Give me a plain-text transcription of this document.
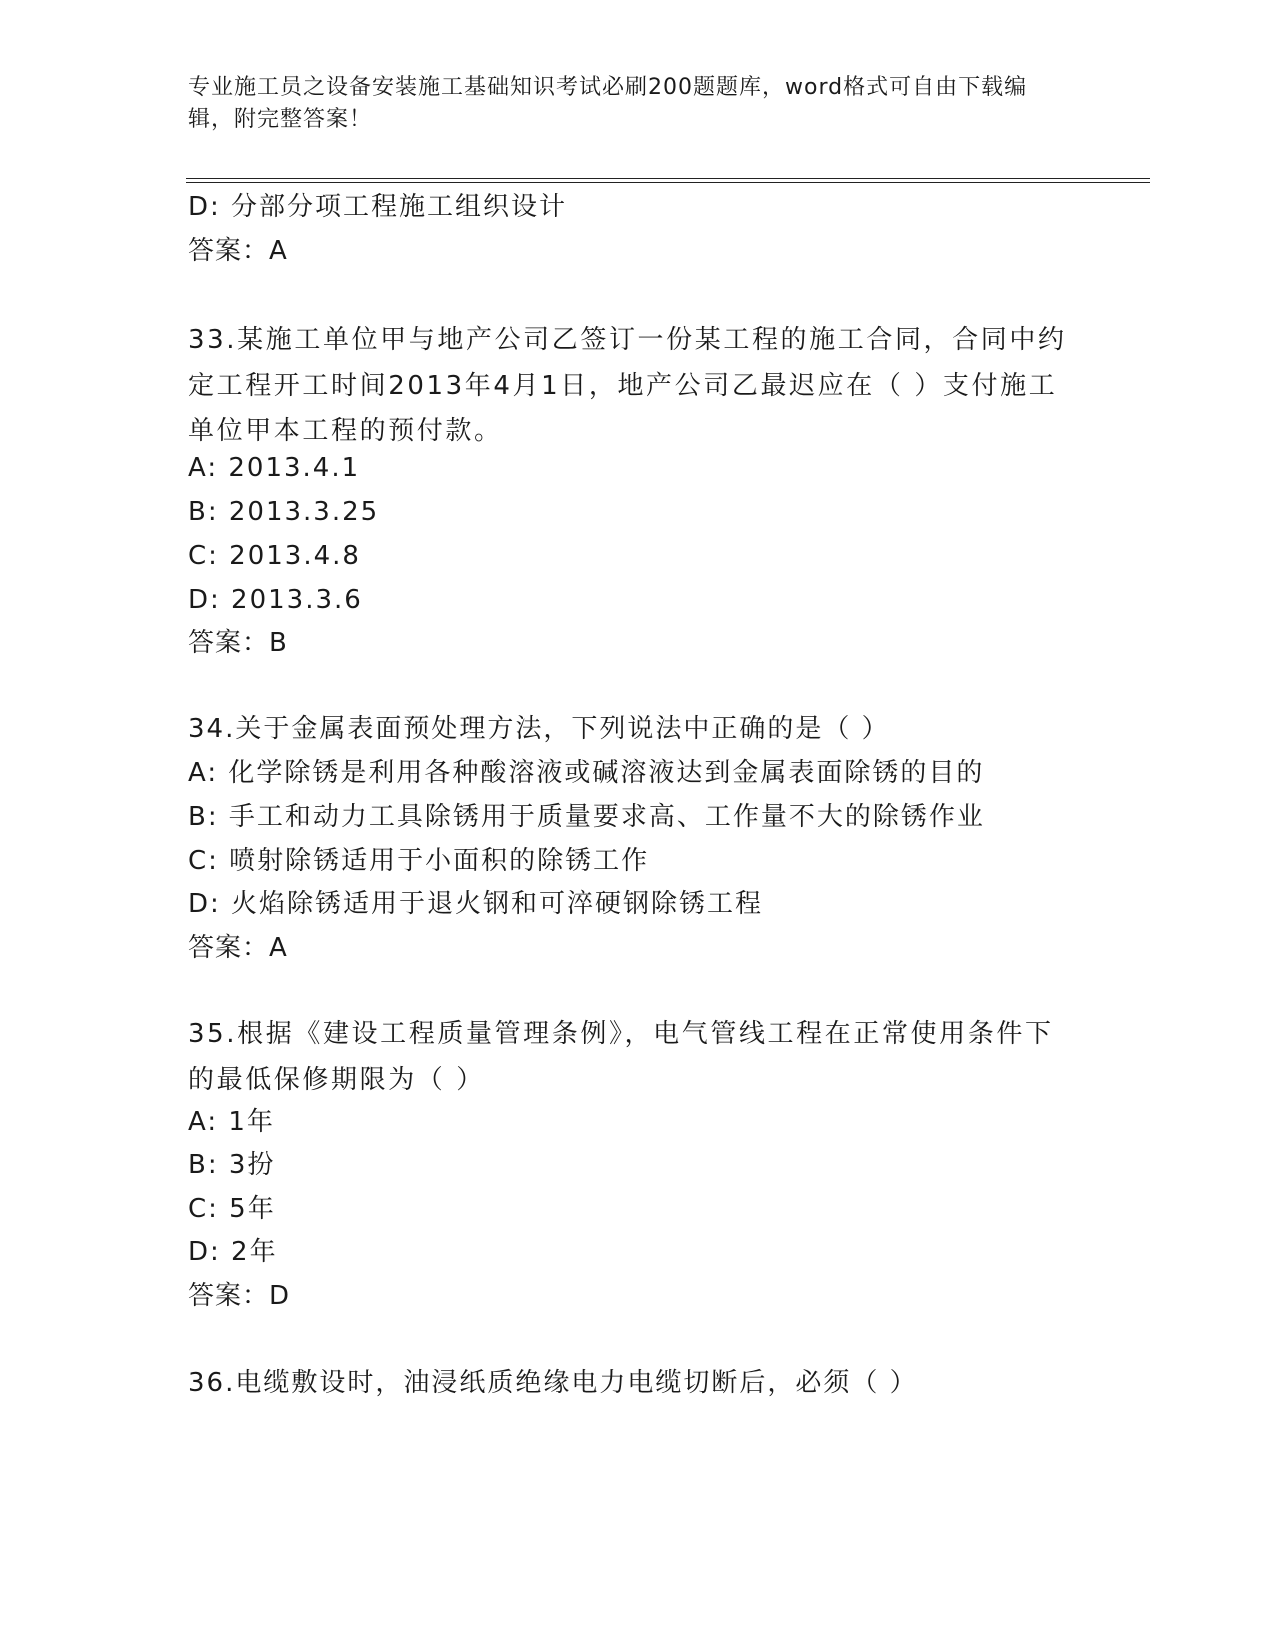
专业施工员之设备安装施工基础知识考试必刷200题题库，word格式可自由下载编辑，附完整答案！
D: 分部分项工程施工组织设计
答案：A
33.某施工单位甲与地产公司乙签订一份某工程的施工合同，合同中约定工程开工时间2013年4月1日，地产公司乙最迟应在（ ）支付施工单位甲本工程的预付款。
A: 2013.4.1
B: 2013.3.25
C: 2013.4.8
D: 2013.3.6
答案：B
34.关于金属表面预处理方法，下列说法中正确的是（ ）
A: 化学除锈是利用各种酸溶液或碱溶液达到金属表面除锈的目的
B: 手工和动力工具除锈用于质量要求高、工作量不大的除锈作业
C: 喷射除锈适用于小面积的除锈工作
D: 火焰除锈适用于退火钢和可淬硬钢除锈工程
答案：A
35.根据《建设工程质量管理条例》，电气管线工程在正常使用条件下的最低保修期限为（ ）
A: 1年
B: 3扮
C: 5年
D: 2年
答案：D
36.电缆敷设时，油浸纸质绝缘电力电缆切断后，必须（ ）
